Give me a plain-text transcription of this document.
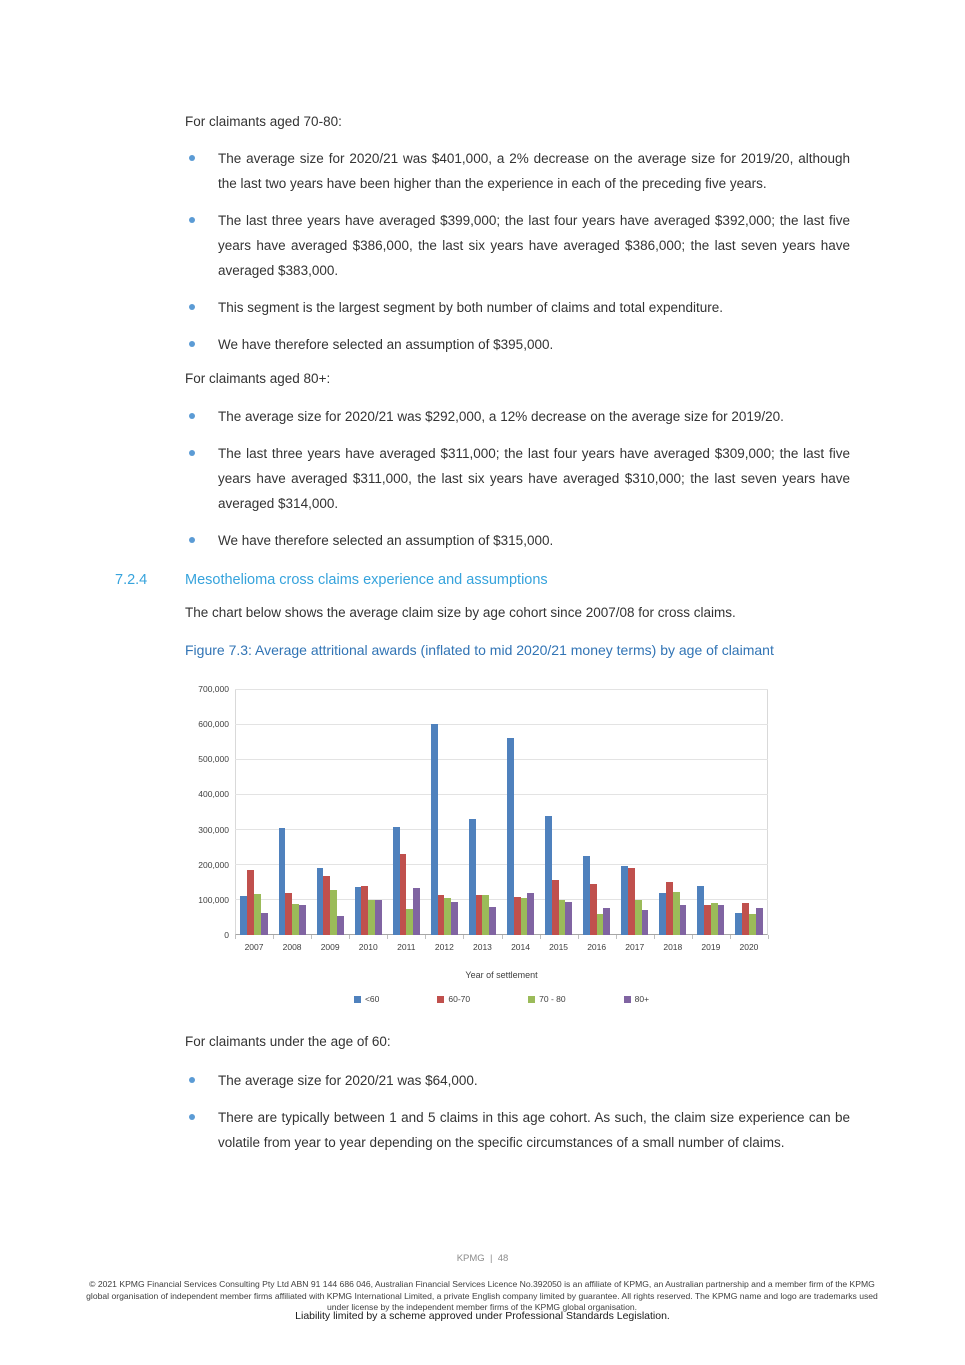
For claimants aged 70-80:

The average size for 2020/21 was $401,000, a 2% decrease on the average size for 2019/20, although the last two years have been higher than the experience in each of the preceding five years.
The last three years have averaged $399,000; the last four years have averaged $392,000; the last five years have averaged $386,000, the last six years have averaged $386,000; the last seven years have averaged $383,000.
This segment is the largest segment by both number of claims and total expenditure.
We have therefore selected an assumption of $395,000.

For claimants aged 80+:

The average size for 2020/21 was $292,000, a 12% decrease on the average size for 2019/20.
The last three years have averaged $311,000; the last four years have averaged $309,000; the last five years have averaged $311,000, the last six years have averaged $310,000; the last seven years have averaged $314,000.
We have therefore selected an assumption of $315,000.
7.2.4	Mesothelioma cross claims experience and assumptions

The chart below shows the average claim size by age cohort since 2007/08 for cross claims.

Figure 7.3: Average attritional awards (inflated to mid 2020/21 money terms) by age of claimant

0
100,000
200,000
300,000
400,000
500,000
600,000
700,000
2007	2008	2009	2010	2011	2012	2013	2014	2015	2016	2017	2018	2019	2020
Year of settlement
<60	60-70	70 - 80	80+

For claimants under the age of 60:

The average size for 2020/21 was $64,000.
There are typically between 1 and 5 claims in this age cohort. As such, the claim size experience can be volatile from year to year depending on the specific circumstances of a small number of claims.
KPMG | 48
© 2021 KPMG Financial Services Consulting Pty Ltd ABN 91 144 686 046, Australian Financial Services Licence No.392050 is an affiliate of KPMG, an Australian partnership and a member firm of the KPMG global organisation of independent member firms affiliated with KPMG International Limited, a private English company limited by guarantee. All rights reserved. The KPMG name and logo are trademarks used under license by the independent member firms of the KPMG global organisation.
Liability limited by a scheme approved under Professional Standards Legislation.
